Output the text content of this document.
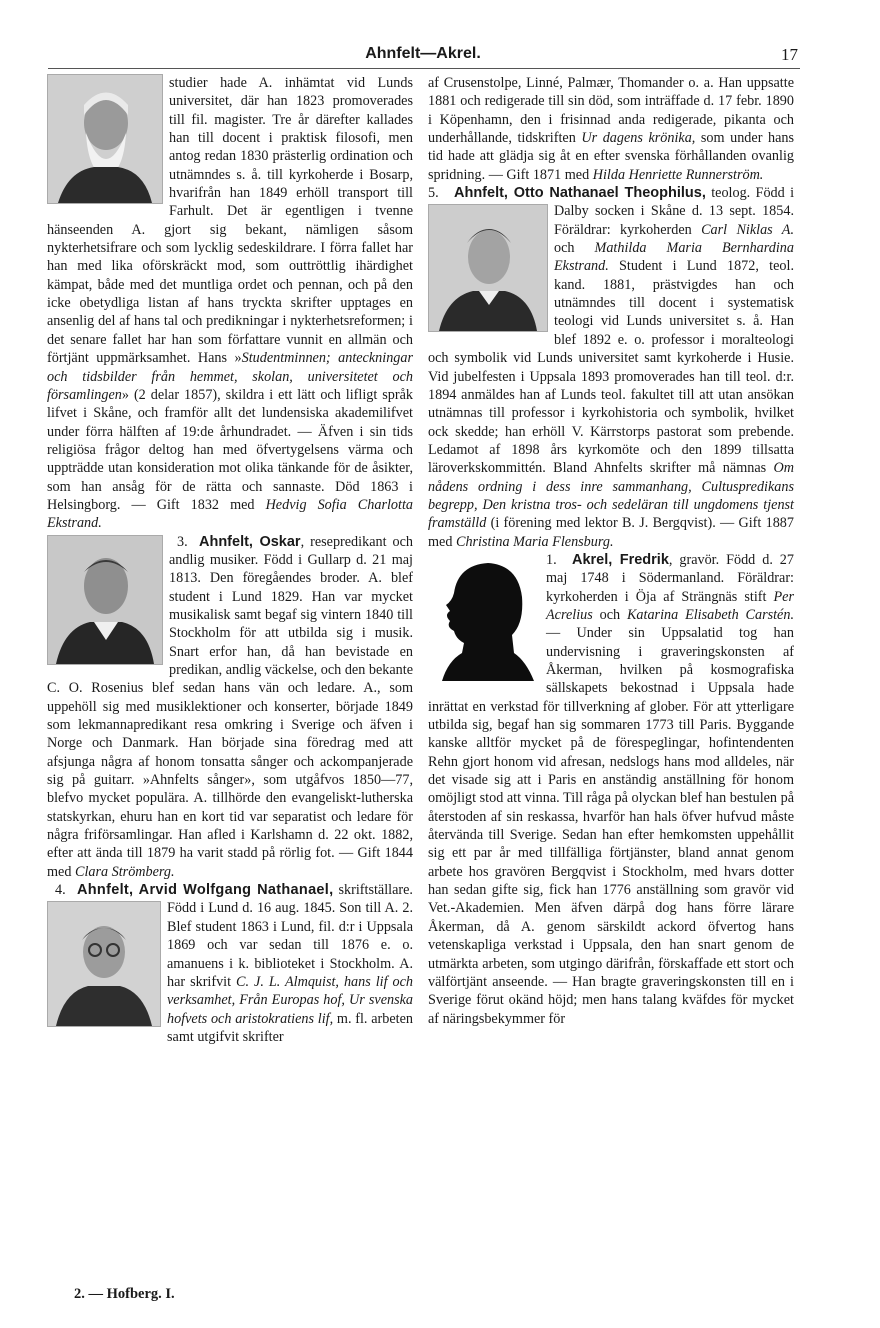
Ahnfelt—Akrel.	17

studier hade A. inhämtat vid Lunds universitet, där han 1823 promoverades till fil. magister. Tre år därefter kallades han till docent i praktisk filosofi, men antog redan 1830 prästerlig ordination och utnämndes s. å. till kyrkoherde i Bosarp, hvarifrån han 1849 erhöll transport till Farhult. Det är egentligen i tvenne hänseenden A. gjort sig bekant, nämligen såsom nykterhetsifrare och som lycklig sedeskildrare. I förra fallet har han med lika oförskräckt mod, som outtröttlig ihärdighet kämpat, både med det muntliga ordet och pennan, och på den icke obetydliga listan af hans tryckta skrifter upptages en ansenlig del af hans tal och predikningar i nykterhetsreformen; i det senare fallet har han som författare vunnit en allmän och förtjänt uppmärksamhet. Hans »Studentminnen; anteckningar och tidsbilder från hemmet, skolan, universitetet och församlingen» (2 delar 1857), skildra i ett lätt och lifligt språk lifvet i Skåne, och framför allt det lundensiska akademilifvet under förra hälften af 19:de århundradet. — Äfven i sin tids religiösa frågor deltog han med öfvertygelsens värma och uppträdde utan konsideration mot olika tänkande för de åsikter, som han ansåg för de rätta och sannaste. Död 1863 i Helsingborg. — Gift 1832 med Hedvig Sofia Charlotta Ekstrand.

3. Ahnfelt, Oskar
, resepredikant och andlig musiker. Född i Gullarp d. 21 maj 1813. Den föregåendes broder. A. blef student i Lund 1829. Han var mycket musikalisk samt begaf sig vintern 1840 till Stockholm för att utbilda sig i musik. Snart erfor han, då han bevistade en predikan, andlig väckelse, och den bekante C. O. Rosenius blef sedan hans vän och ledare. A., som uppehöll sig med musiklektioner och konserter, började 1849 som lekmannapredikant resa omkring i Sverige och äfven i Norge och Danmark. Han började sina föredrag med att afsjunga några af honom tonsatta sånger och ackompanjerade sig på guitarr. »Ahnfelts sånger», som utgåfvos 1850—77, blefvo mycket populära. A. tillhörde den evangeliskt-lutherska statskyrkan, ehuru han en kort tid var separatist och ledare för några friförsamlingar. Han afled i Karlshamn d. 22 okt. 1882, efter att ända till 1879 ha varit stadd på rörlig fot. — Gift 1844 med Clara Strömberg.

4. Ahnfelt, Arvid Wolfgang Nathanael,
skriftställare. Född i Lund d. 16 aug. 1845. Son till A. 2. Blef student 1863 i Lund, fil. d:r i Uppsala 1869 och var sedan till 1876 e. o. amanuens i k. biblioteket i Stockholm. A. har skrifvit C. J. L. Almquist, hans lif och verksamhet, Från Europas hof, Ur svenska hofvets och aristokratiens lif, m. fl. arbeten samt utgifvit skrifter

af Crusenstolpe, Linné, Palmær, Thomander o. a. Han uppsatte 1881 och redigerade till sin död, som inträffade d. 17 febr. 1890 i Köpenhamn, den i frisinnad anda redigerade, pikanta och underhållande, tidskriften Ur dagens krönika, som under hans tid hade att glädja sig åt en efter svenska förhållanden ovanlig spridning. — Gift 1871 med Hilda Henriette Runnerström.

5. Ahnfelt, Otto Nathanael Theophilus,
teolog. Född i Dalby socken i Skåne d. 13 sept. 1854. Föräldrar: kyrkoherden Carl Niklas A. och Mathilda Maria Bernhardina Ekstrand. Student i Lund 1872, teol. kand. 1881, prästvigdes han och utnämndes till docent i systematisk teologi vid Lunds universitet s. å. Han blef 1892 e. o. professor i moralteologi och symbolik vid Lunds universitet samt kyrkoherde i Husie. Vid jubelfesten i Uppsala 1893 promoverades han till teol. d:r. 1894 anmäldes han af Lunds teol. fakultet till att utan ansökan utnämnas till professor i kyrkohistoria och symbolik, hvilket ock skedde; han erhöll V. Kärrstorps pastorat som prebende. Ledamot af 1898 års kyrkomöte och den 1899 tillsatta läroverkskommittén. Bland Ahnfelts skrifter må nämnas Om nådens ordning i dess inre sammanhang, Cultuspredikans begrepp, Den kristna tros- och sedeläran till ungdomens tjenst framställd (i förening med lektor B. J. Bergqvist). — Gift 1887 med Christina Maria Flensburg.

1. Akrel, Fredrik
, gravör. Född d. 27 maj 1748 i Södermanland. Föräldrar: kyrkoherden i Öja af Strängnäs stift Per Acrelius och Katarina Elisabeth Carstén. — Under sin Uppsalatid tog han undervisning i graveringskonsten af Åkerman, hvilken på kosmografiska sällskapets bekostnad i Uppsala hade inrättat en verkstad för tillverkning af glober. För att ytterligare utbilda sig, begaf han sig sommaren 1773 till Paris. Byggande kanske alltför mycket på de förespeglingar, hofintendenten Rehn gjort honom vid afresan, nedslogs hans mod alldeles, när det visade sig att i Paris en anständig anställning för honom omöjligt stod att vinna. Till råga på olyckan blef han bestulen på återstoden af sin reskassa, hvarför han hals öfver hufvud måste återvända till Sverige. Sedan han efter hemkomsten uppehållit sig ett par år med tillfälliga förtjänster, bland annat genom arbete hos gravören Bergqvist i Stockholm, med hvars dotter han sedan gifte sig, fick han 1776 anställning som gravör vid Vet.-Akademien. Men äfven därpå dog hans förre lärare Åkerman, då A. genom särskildt ackord öfvertog hans vetenskapliga verkstad i Uppsala, den han snart genom de utmärkta arbeten, som utgingo därifrån, förskaffade ett stort och välförtjänt anseende. — Han bragte graveringskonsten till en i Sverige förut okänd höjd; men hans talang kväfdes för mycket af näringsbekymmer för

2. — Hofberg. I.
